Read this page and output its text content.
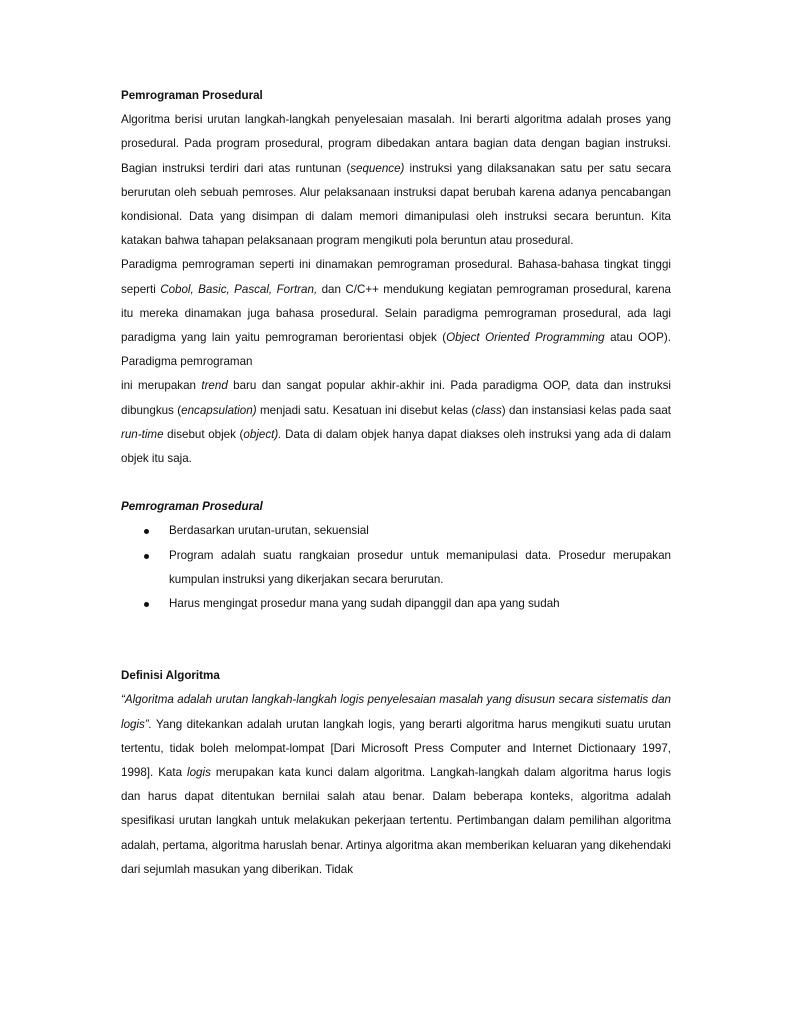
Pemrograman Prosedural
Algoritma berisi urutan langkah-langkah penyelesaian masalah. Ini berarti algoritma adalah proses yang prosedural. Pada program prosedural, program dibedakan antara bagian data dengan bagian instruksi. Bagian instruksi terdiri dari atas runtunan (sequence) instruksi yang dilaksanakan satu per satu secara berurutan oleh sebuah pemroses. Alur pelaksanaan instruksi dapat berubah karena adanya pencabangan kondisional. Data yang disimpan di dalam memori dimanipulasi oleh instruksi secara beruntun. Kita katakan bahwa tahapan pelaksanaan program mengikuti pola beruntun atau prosedural.
Paradigma pemrograman seperti ini dinamakan pemrograman prosedural. Bahasa-bahasa tingkat tinggi seperti Cobol, Basic, Pascal, Fortran, dan C/C++ mendukung kegiatan pemrograman prosedural, karena itu mereka dinamakan juga bahasa prosedural. Selain paradigma pemrograman prosedural, ada lagi paradigma yang lain yaitu pemrograman berorientasi objek (Object Oriented Programming atau OOP). Paradigma pemrograman
ini merupakan trend baru dan sangat popular akhir-akhir ini. Pada paradigma OOP, data dan instruksi dibungkus (encapsulation) menjadi satu. Kesatuan ini disebut kelas (class) dan instansiasi kelas pada saat run-time disebut objek (object). Data di dalam objek hanya dapat diakses oleh instruksi yang ada di dalam objek itu saja.
Pemrograman Prosedural
Berdasarkan urutan-urutan, sekuensial
Program adalah suatu rangkaian prosedur untuk memanipulasi data. Prosedur merupakan kumpulan instruksi yang dikerjakan secara berurutan.
Harus mengingat prosedur mana yang sudah dipanggil dan apa yang sudah
Definisi Algoritma
“Algoritma adalah urutan langkah-langkah logis penyelesaian masalah yang disusun secara sistematis dan logis”. Yang ditekankan adalah urutan langkah logis, yang berarti algoritma harus mengikuti suatu urutan tertentu, tidak boleh melompat-lompat [Dari Microsoft Press Computer and Internet Dictionaary 1997, 1998]. Kata logis merupakan kata kunci dalam algoritma. Langkah-langkah dalam algoritma harus logis dan harus dapat ditentukan bernilai salah atau benar. Dalam beberapa konteks, algoritma adalah spesifikasi urutan langkah untuk melakukan pekerjaan tertentu. Pertimbangan dalam pemilihan algoritma adalah, pertama, algoritma haruslah benar. Artinya algoritma akan memberikan keluaran yang dikehendaki dari sejumlah masukan yang diberikan. Tidak
